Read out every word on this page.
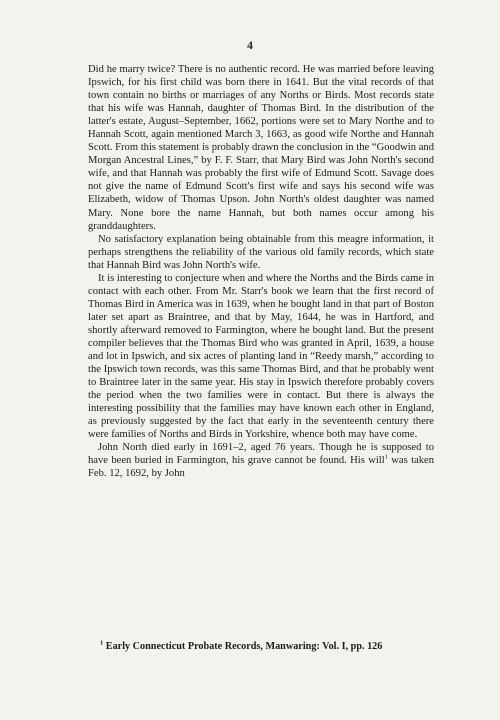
4

Did he marry twice? There is no authentic record. He was married before leaving Ipswich, for his first child was born there in 1641. But the vital records of that town contain no births or marriages of any Norths or Birds. Most records state that his wife was Hannah, daughter of Thomas Bird. In the distribution of the latter's estate, August–September, 1662, portions were set to Mary Northe and to Hannah Scott, again mentioned March 3, 1663, as good wife Northe and Hannah Scott. From this statement is probably drawn the conclusion in the “Goodwin and Morgan Ancestral Lines,” by F. F. Starr, that Mary Bird was John North's second wife, and that Hannah was probably the first wife of Edmund Scott. Savage does not give the name of Edmund Scott's first wife and says his second wife was Elizabeth, widow of Thomas Upson. John North's oldest daughter was named Mary. None bore the name Hannah, but both names occur among his granddaughters.

No satisfactory explanation being obtainable from this meagre information, it perhaps strengthens the reliability of the various old family records, which state that Hannah Bird was John North's wife.

It is interesting to conjecture when and where the Norths and the Birds came in contact with each other. From Mr. Starr's book we learn that the first record of Thomas Bird in America was in 1639, when he bought land in that part of Boston later set apart as Braintree, and that by May, 1644, he was in Hartford, and shortly afterward removed to Farmington, where he bought land. But the present compiler believes that the Thomas Bird who was granted in April, 1639, a house and lot in Ipswich, and six acres of planting land in “Reedy marsh,” according to the Ipswich town records, was this same Thomas Bird, and that he probably went to Braintree later in the same year. His stay in Ipswich therefore probably covers the period when the two families were in contact. But there is always the interesting possibility that the families may have known each other in England, as previously suggested by the fact that early in the seventeenth century there were families of Norths and Birds in Yorkshire, whence both may have come.

John North died early in 1691–2, aged 76 years. Though he is supposed to have been buried in Farmington, his grave cannot be found. His will$^1$ was taken Feb. 12, 1692, by John

$^1$ Early Connecticut Probate Records, Manwaring: Vol. I, pp. 126
